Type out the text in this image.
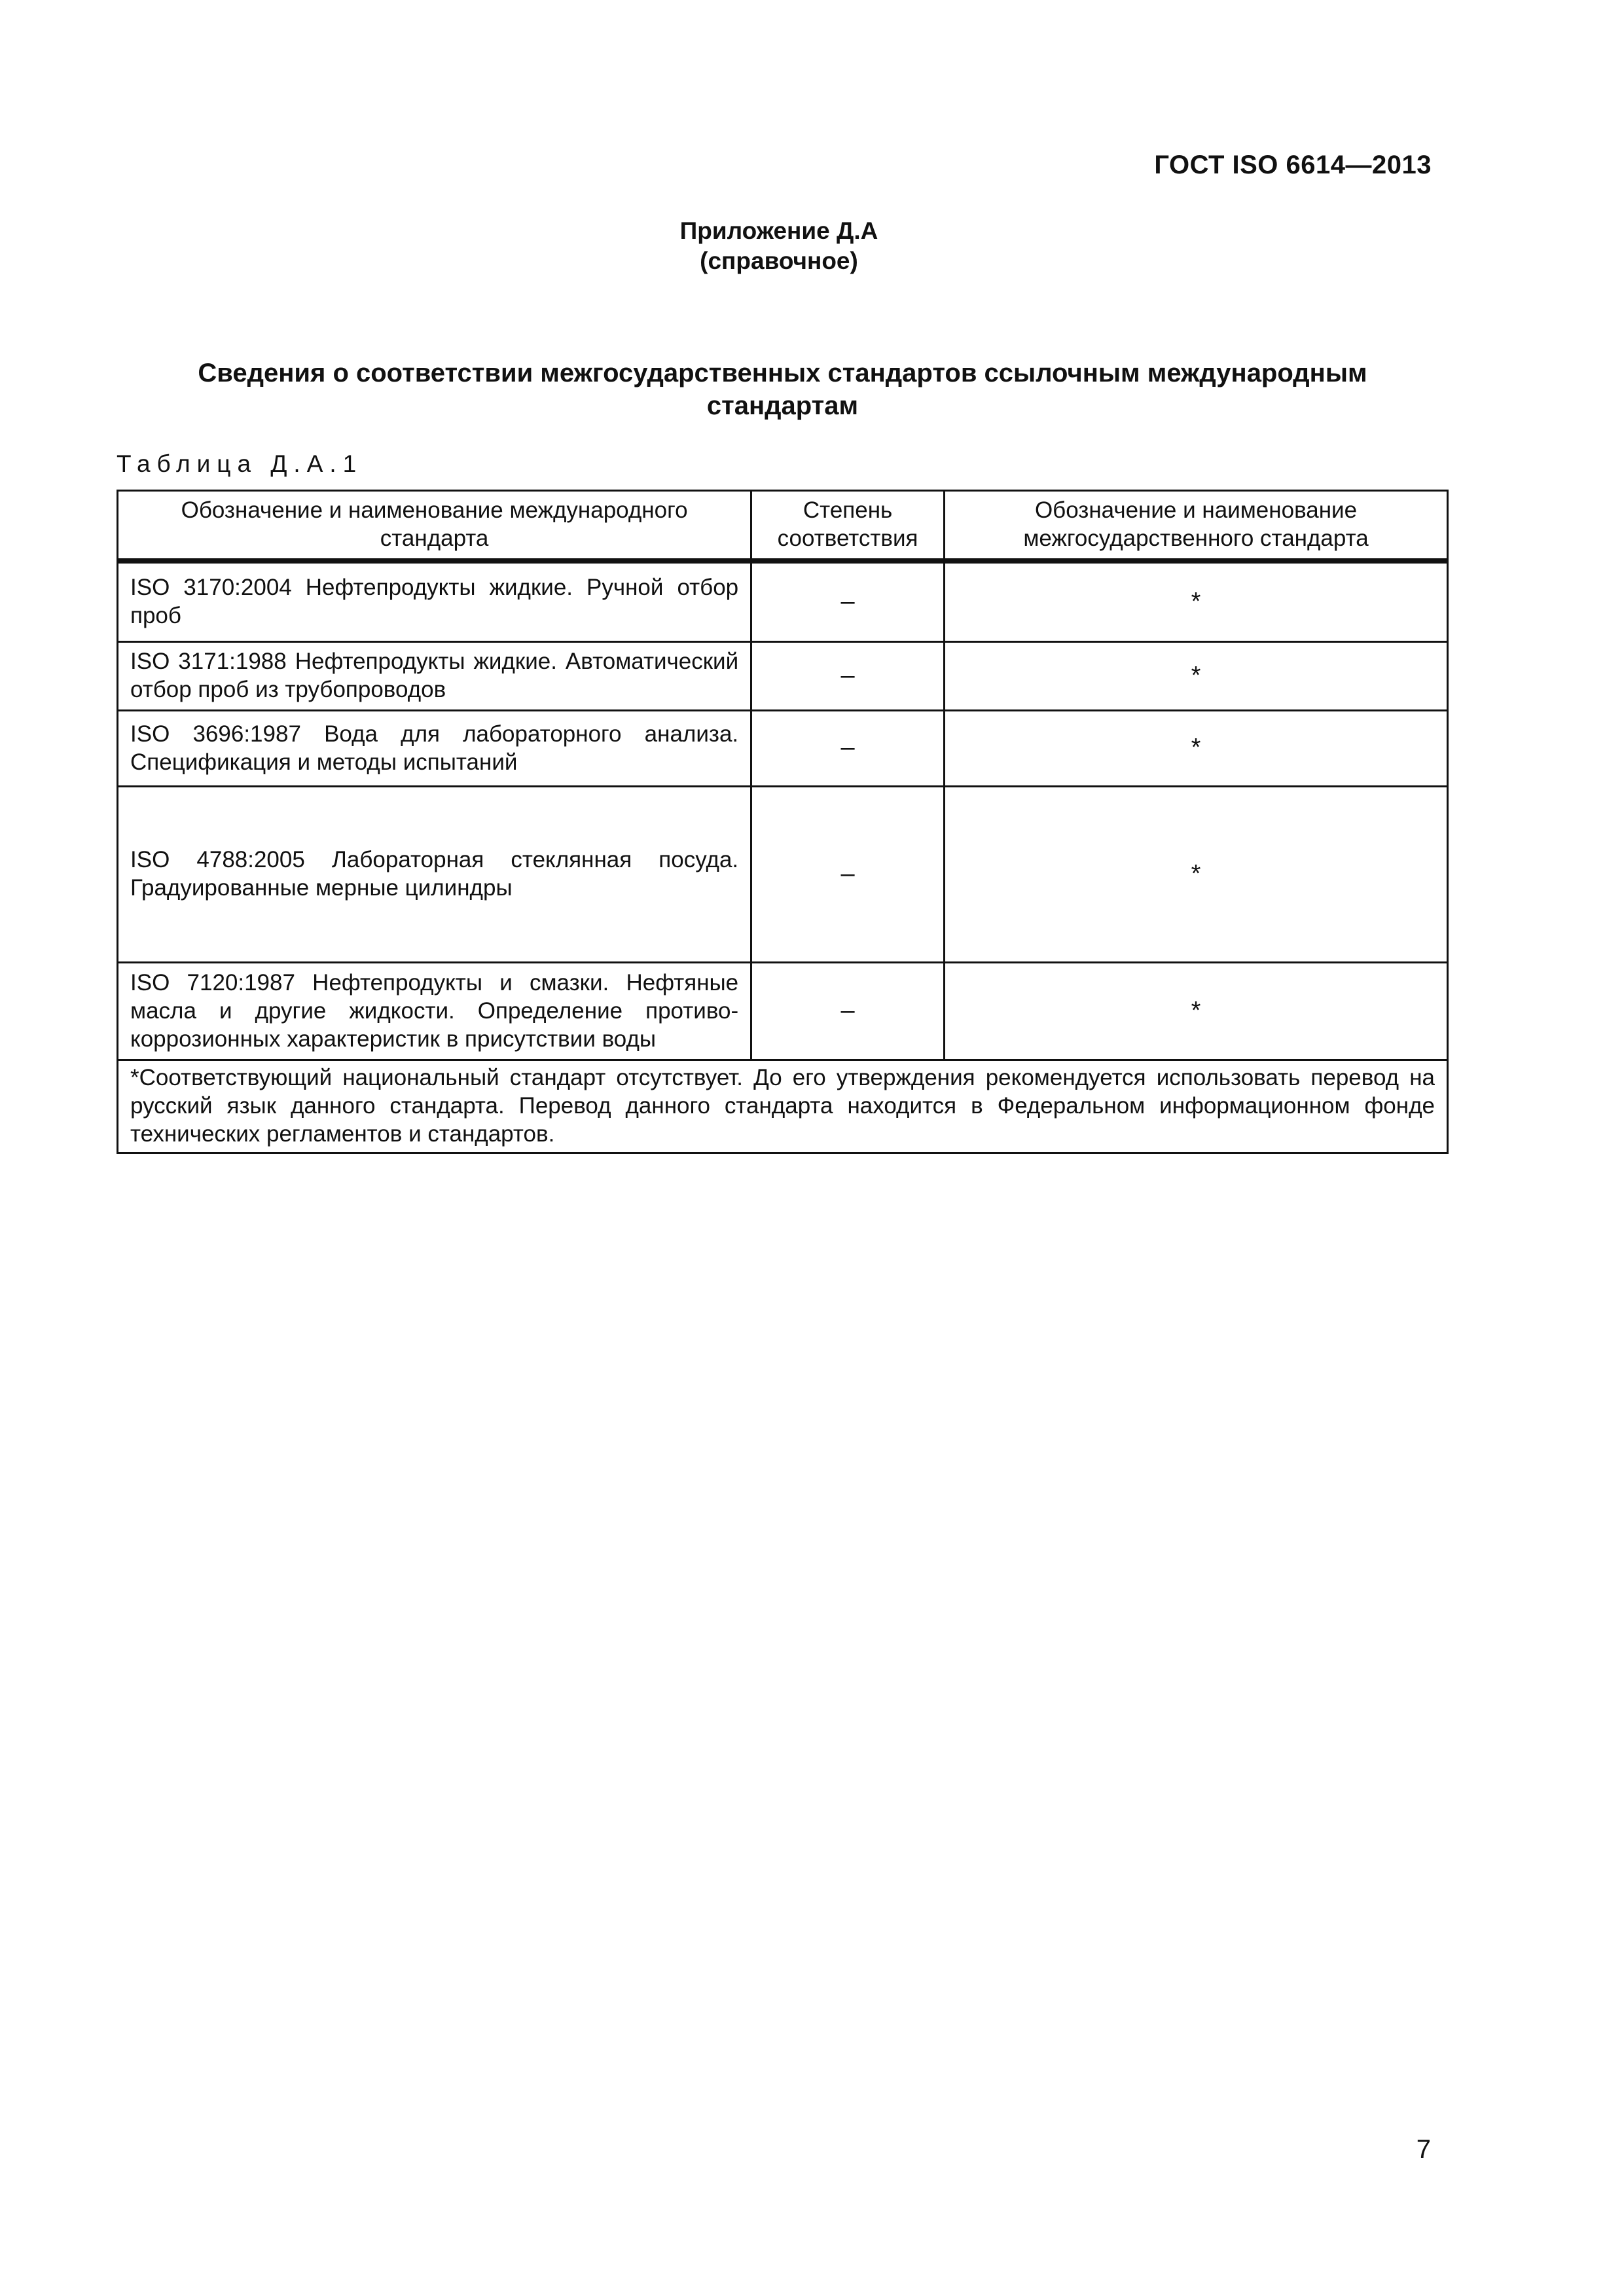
ГОСТ ISO 6614—2013
Приложение Д.А
(справочное)
Сведения о соответствии межгосударственных стандартов ссылочным международным
стандартам
Таблица Д.А.1
Обозначение и наименование международного стандарта	Степень соответствия	Обозначение и наименование межгосударственного стандарта
ISO 3170:2004 Нефтепродукты жидкие. Ручной отбор проб	–	*
ISO 3171:1988 Нефтепродукты жидкие. Автоматический отбор проб из трубопроводов	–	*
ISO 3696:1987 Вода для лабораторного анализа. Спецификация и методы испытаний	–	*
ISO 4788:2005 Лабораторная стеклянная посуда. Градуированные мерные цилиндры	–	*
ISO 7120:1987 Нефтепродукты и смазки. Нефтяные масла и другие жидкости. Определение противокоррозионных характеристик в присутствии воды	–	*
*Соответствующий национальный стандарт отсутствует. До его утверждения рекомендуется использовать перевод на русский язык данного стандарта. Перевод данного стандарта находится в Федеральном информационном фонде технических регламентов и стандартов.		
7
